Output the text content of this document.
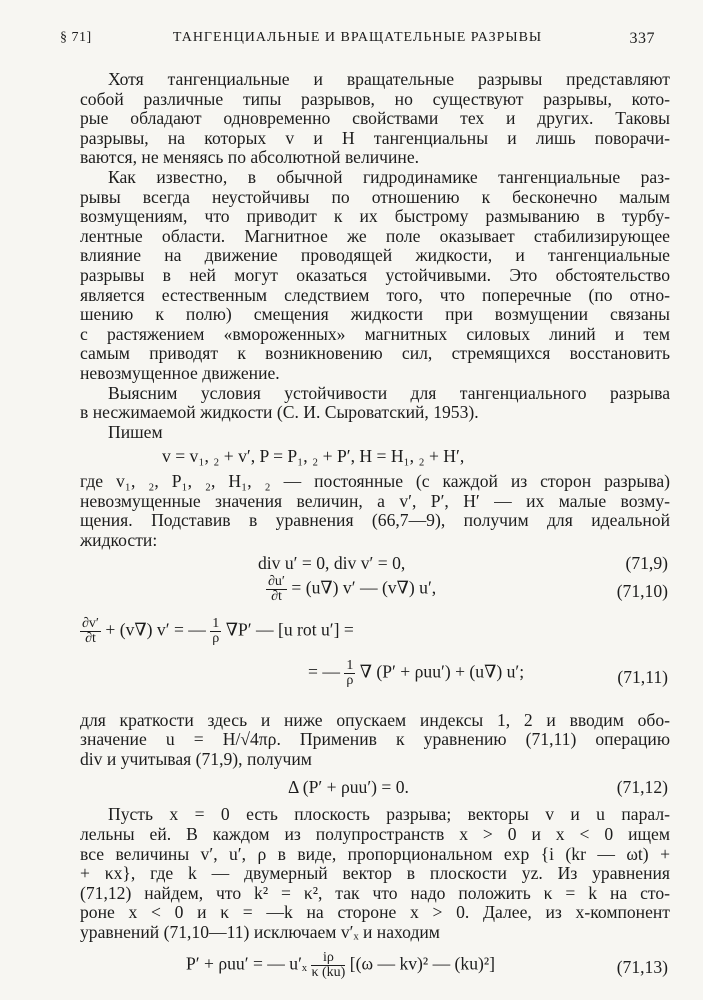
§ 71]	ТАНГЕНЦИАЛЬНЫЕ И ВРАЩАТЕЛЬНЫЕ РАЗРЫВЫ	337

Хотя тангенциальные и вращательные разрывы представляют

собой различные типы разрывов, но существуют разрывы, кото-

рые обладают одновременно свойствами тех и других. Таковы

разрывы, на которых v и H тангенциальны и лишь поворачи-

ваются, не меняясь по абсолютной величине.

Как известно, в обычной гидродинамике тангенциальные раз-

рывы всегда неустойчивы по отношению к бесконечно малым

возмущениям, что приводит к их быстрому размыванию в турбу-

лентные области. Магнитное же поле оказывает стабилизирующее

влияние на движение проводящей жидкости, и тангенциальные

разрывы в ней могут оказаться устойчивыми. Это обстоятельство

является естественным следствием того, что поперечные (по отно-

шению к полю) смещения жидкости при возмущении связаны

с растяжением «вмороженных» магнитных силовых линий и тем

самым приводят к возникновению сил, стремящихся восстановить

невозмущенное движение.

Выясним условия устойчивости для тангенциального разрыва

в несжимаемой жидкости (С. И. Сыроватский, 1953).

Пишем

v = v₁, ₂ + v′, P = P₁, ₂ + P′, H = H₁, ₂ + H′,

где v₁, ₂, P₁, ₂, H₁, ₂ — постоянные (с каждой из сторон разрыва)

невозмущенные значения величин, а v′, P′, H′ — их малые возму-

щения. Подставив в уравнения (66,7—9), получим для идеальной

жидкости:

div u′ = 0, div v′ = 0,	(71,9)
$\frac{\partial u'}{\partial t} = (u\nabla)$ v′ — (v∇) u′,	(71,10)
$\frac{\partial v'}{\partial t} + (v\nabla) v'$ = — $\frac{1}{\rho} \nabla P'$ — [u rot u′] =
= — $\frac{1}{\rho}$ ∇ (P′ + ρuu′) + (u∇) u′;	(71,11)

для краткости здесь и ниже опускаем индексы 1, 2 и вводим обо-

значение u = H/√4πρ. Применив к уравнению (71,11) операцию

div и учитывая (71,9), получим

Δ (P′ + ρuu′) = 0.	(71,12)

Пусть x = 0 есть плоскость разрыва; векторы v и u парал-

лельны ей. В каждом из полупространств x > 0 и x < 0 ищем

все величины v′, u′, ρ в виде, пропорциональном exp {i (kr — ωt) +

+ κx}, где k — двумерный вектор в плоскости yz. Из уравнения

(71,12) найдем, что k² = κ², так что надо положить κ = k на сто-

роне x < 0 и κ = —k на стороне x > 0. Далее, из x-компонент

уравнений (71,10—11) исключаем v′ₓ и находим

P′ + ρuu′ = — $u'_x \frac{i\rho}{\kappa (ku)} [(\omega$ — kv)² — (ku)²]	(71,13)
